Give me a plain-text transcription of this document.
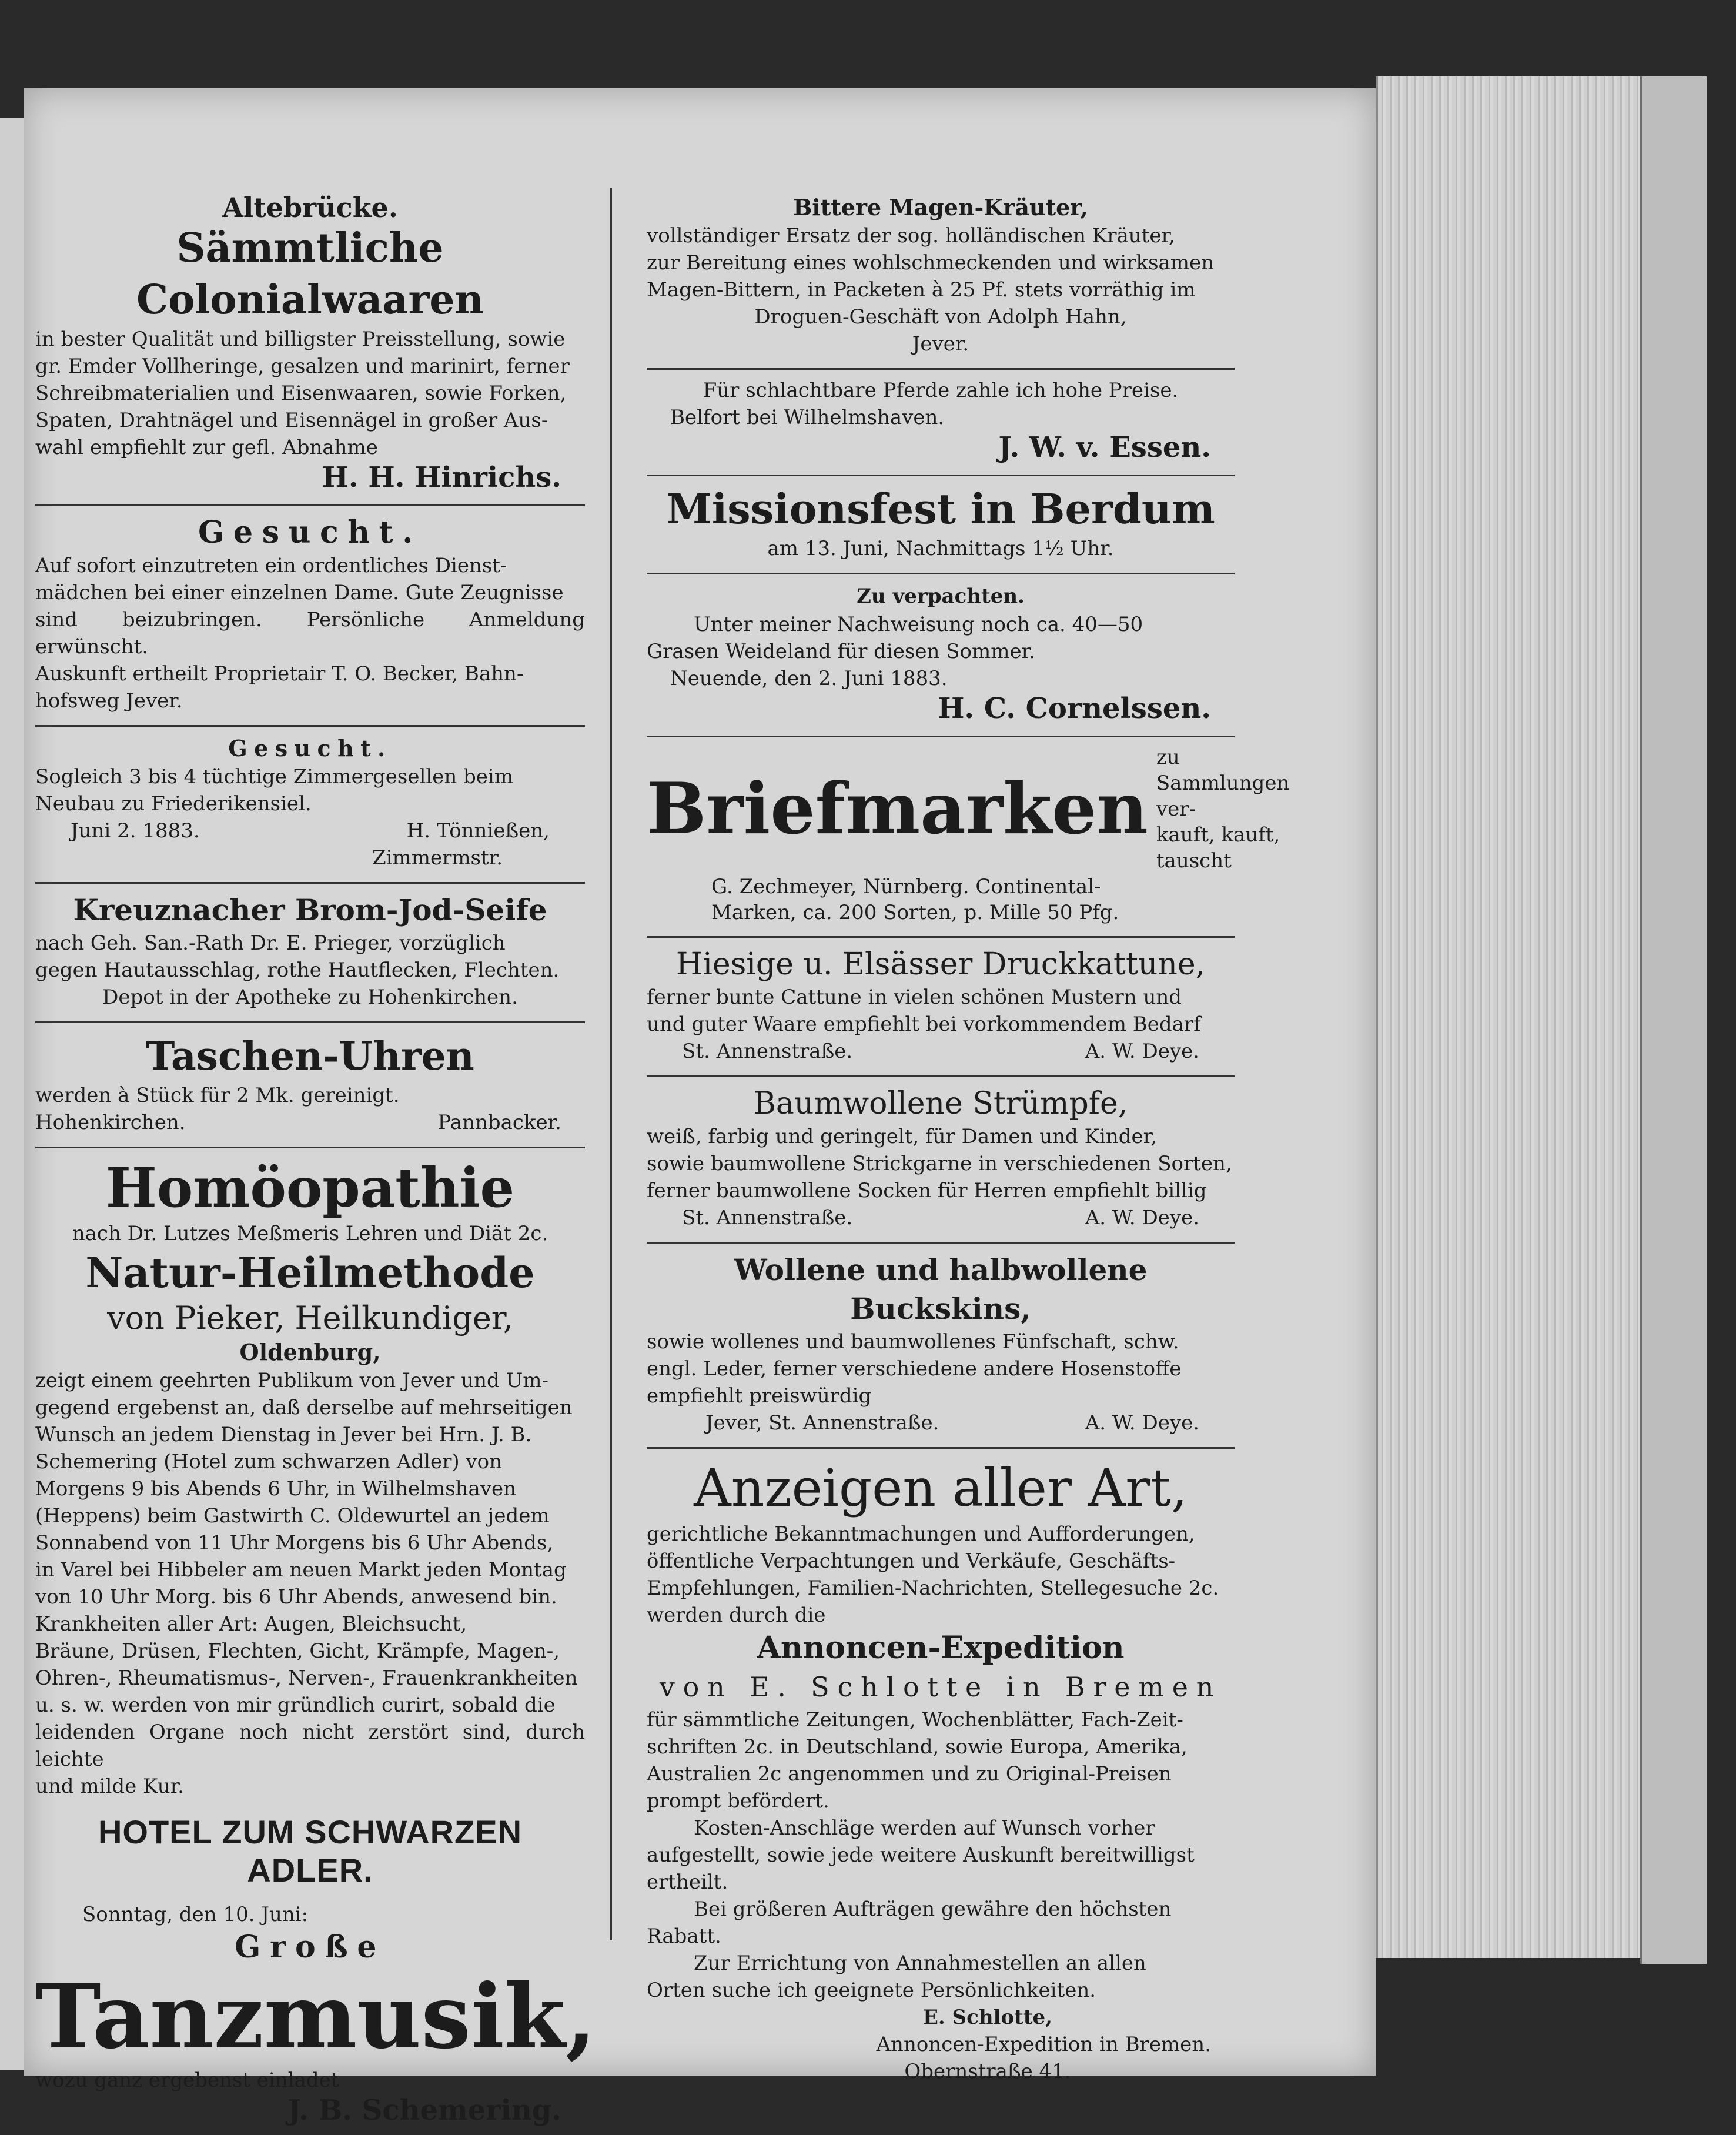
Altebrücke.
Sämmtliche Colonialwaaren
in bester Qualität und billigster Preisstellung, sowie
gr. Emder Vollheringe, gesalzen und marinirt, ferner
Schreibmaterialien und Eisenwaaren, sowie Forken,
Spaten, Drahtnägel und Eisennägel in großer Aus-
wahl empfiehlt zur gefl. Abnahme
H. H. Hinrichs.
Gesucht.
Auf sofort einzutreten ein ordentliches Dienst-
mädchen bei einer einzelnen Dame. Gute Zeugnisse
sind beizubringen. Persönliche Anmeldung erwünscht.
Auskunft ertheilt Proprietair T. O. Becker, Bahn-
hofsweg Jever.
Gesucht.
Sogleich 3 bis 4 tüchtige Zimmergesellen beim
Neubau zu Friederikensiel.
Juni 2. 1883.	H. Tönnießen,
Zimmermstr.
Kreuznacher Brom-Jod-Seife
nach Geh. San.-Rath Dr. E. Prieger, vorzüglich
gegen Hautausschlag, rothe Hautflecken, Flechten.
Depot in der Apotheke zu Hohenkirchen.
Taschen-Uhren
werden à Stück für 2 Mk. gereinigt.
Hohenkirchen.	Pannbacker.
Homöopathie
nach Dr. Lutzes Meßmeris Lehren und Diät 2c.
Natur-Heilmethode
von Pieker, Heilkundiger,
Oldenburg,
zeigt einem geehrten Publikum von Jever und Um-
gegend ergebenst an, daß derselbe auf mehrseitigen
Wunsch an jedem Dienstag in Jever bei Hrn. J. B.
Schemering (Hotel zum schwarzen Adler) von
Morgens 9 bis Abends 6 Uhr, in Wilhelmshaven
(Heppens) beim Gastwirth C. Oldewurtel an jedem
Sonnabend von 11 Uhr Morgens bis 6 Uhr Abends,
in Varel bei Hibbeler am neuen Markt jeden Montag
von 10 Uhr Morg. bis 6 Uhr Abends, anwesend bin.
Krankheiten aller Art: Augen, Bleichsucht,
Bräune, Drüsen, Flechten, Gicht, Krämpfe, Magen-,
Ohren-, Rheumatismus-, Nerven-, Frauenkrankheiten
u. s. w. werden von mir gründlich curirt, sobald die
leidenden Organe noch nicht zerstört sind, durch leichte
und milde Kur.
HOTEL ZUM SCHWARZEN ADLER.
Sonntag, den 10. Juni:
Große
Tanzmusik,
wozu ganz ergebenst einladet
J. B. Schemering.
Bittere Magen-Kräuter,
vollständiger Ersatz der sog. holländischen Kräuter,
zur Bereitung eines wohlschmeckenden und wirksamen
Magen-Bittern, in Packeten à 25 Pf. stets vorräthig im
Droguen-Geschäft von Adolph Hahn,
Jever.
Für schlachtbare Pferde zahle ich hohe Preise.
Belfort bei Wilhelmshaven.
J. W. v. Essen.
Missionsfest in Berdum
am 13. Juni, Nachmittags 1½ Uhr.
Zu verpachten.
Unter meiner Nachweisung noch ca. 40—50
Grasen Weideland für diesen Sommer.
Neuende, den 2. Juni 1883.
H. C. Cornelssen.
Briefmarken
zu Sammlungen ver-
kauft, kauft, tauscht
G. Zechmeyer, Nürnberg. Continental-
Marken, ca. 200 Sorten, p. Mille 50 Pfg.
Hiesige u. Elsässer Druckkattune,
ferner bunte Cattune in vielen schönen Mustern und
und guter Waare empfiehlt bei vorkommendem Bedarf
St. Annenstraße.	A. W. Deye.
Baumwollene Strümpfe,
weiß, farbig und geringelt, für Damen und Kinder,
sowie baumwollene Strickgarne in verschiedenen Sorten,
ferner baumwollene Socken für Herren empfiehlt billig
St. Annenstraße.	A. W. Deye.
Wollene und halbwollene Buckskins,
sowie wollenes und baumwollenes Fünfschaft, schw.
engl. Leder, ferner verschiedene andere Hosenstoffe
empfiehlt preiswürdig
Jever, St. Annenstraße.	A. W. Deye.
Anzeigen aller Art,
gerichtliche Bekanntmachungen und Aufforderungen,
öffentliche Verpachtungen und Verkäufe, Geschäfts-
Empfehlungen, Familien-Nachrichten, Stellegesuche 2c.
werden durch die
Annoncen-Expedition
von E. Schlotte in Bremen
für sämmtliche Zeitungen, Wochenblätter, Fach-Zeit-
schriften 2c. in Deutschland, sowie Europa, Amerika,
Australien 2c angenommen und zu Original-Preisen
prompt befördert.
Kosten-Anschläge werden auf Wunsch vorher
aufgestellt, sowie jede weitere Auskunft bereitwilligst
ertheilt.
Bei größeren Aufträgen gewähre den höchsten
Rabatt.
Zur Errichtung von Annahmestellen an allen
Orten suche ich geeignete Persönlichkeiten.
E. Schlotte,
Annoncen-Expedition in Bremen.
Obernstraße 41.
